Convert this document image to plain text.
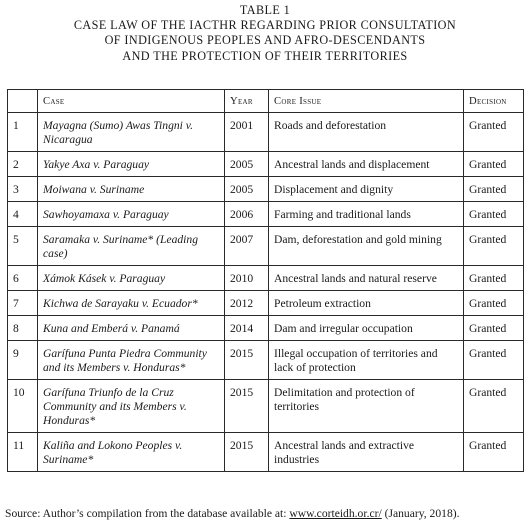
TABLE 1
CASE LAW OF THE IACTHR REGARDING PRIOR CONSULTATION
OF INDIGENOUS PEOPLES AND AFRO-DESCENDANTS
AND THE PROTECTION OF THEIR TERRITORIES
	Case	Year	Core Issue	Decision
1	Mayagna (Sumo) Awas Tingni v. Nicaragua	2001	Roads and deforestation	Granted
2	Yakye Axa v. Paraguay	2005	Ancestral lands and displacement	Granted
3	Moiwana v. Suriname	2005	Displacement and dignity	Granted
4	Sawhoyamaxa v. Paraguay	2006	Farming and traditional lands	Granted
5	Saramaka v. Suriname* (Leading case)	2007	Dam, deforestation and gold mining	Granted
6	Xámok Kásek v. Paraguay	2010	Ancestral lands and natural reserve	Granted
7	Kichwa de Sarayaku v. Ecuador*	2012	Petroleum extraction	Granted
8	Kuna and Emberá v. Panamá	2014	Dam and irregular occupation	Granted
9	Garífuna Punta Piedra Community and its Members v. Honduras*	2015	Illegal occupation of territories and lack of protection	Granted
10	Garífuna Triunfo de la Cruz Community and its Members v. Honduras*	2015	Delimitation and protection of territories	Granted
11	Kaliña and Lokono Peoples v. Suriname*	2015	Ancestral lands and extractive industries	Granted
Source: Author’s compilation from the database available at: www.corteidh.or.cr/ (January, 2018).
